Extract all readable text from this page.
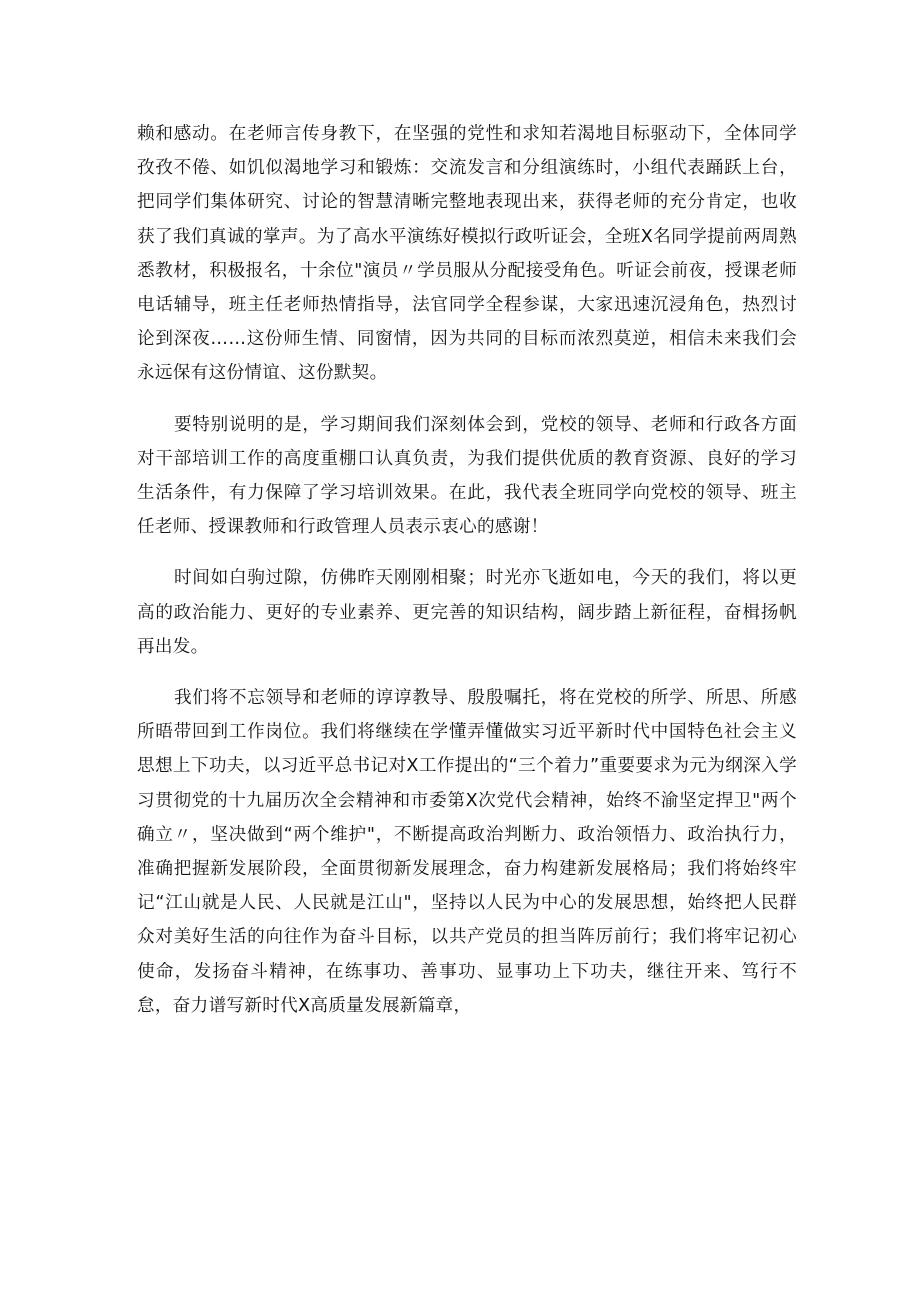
赖和感动。在老师言传身教下，在坚强的党性和求知若渴地目标驱动下，全体同学孜孜不倦、如饥似渴地学习和锻炼：交流发言和分组演练时，小组代表踊跃上台，把同学们集体研究、讨论的智慧清晰完整地表现出来，获得老师的充分肯定，也收获了我们真诚的掌声。为了高水平演练好模拟行政听证会，全班X名同学提前两周熟悉教材，积极报名，十余位"演员〃学员服从分配接受角色。听证会前夜，授课老师电话辅导，班主任老师热情指导，法官同学全程参谋，大家迅速沉浸角色，热烈讨论到深夜……这份师生情、同窗情，因为共同的目标而浓烈莫逆，相信未来我们会永远保有这份情谊、这份默契。

要特别说明的是，学习期间我们深刻体会到，党校的领导、老师和行政各方面对干部培训工作的高度重棚口认真负责，为我们提供优质的教育资源、良好的学习生活条件，有力保障了学习培训效果。在此，我代表全班同学向党校的领导、班主任老师、授课教师和行政管理人员表示衷心的感谢！

时间如白驹过隙，仿佛昨天刚刚相聚；时光亦飞逝如电，今天的我们，将以更高的政治能力、更好的专业素养、更完善的知识结构，阔步踏上新征程，奋楫扬帆再出发。

我们将不忘领导和老师的谆谆教导、殷殷嘱托，将在党校的所学、所思、所感所晤带回到工作岗位。我们将继续在学懂弄懂做实习近平新时代中国特色社会主义思想上下功夫，以习近平总书记对X工作提出的“三个着力”重要要求为元为纲深入学习贯彻党的十九届历次全会精神和市委第X次党代会精神，始终不渝坚定捍卫"两个确立〃，坚决做到“两个维护"，不断提高政治判断力、政治领悟力、政治执行力，准确把握新发展阶段，全面贯彻新发展理念，奋力构建新发展格局；我们将始终牢记“江山就是人民、人民就是江山"，坚持以人民为中心的发展思想，始终把人民群众对美好生活的向往作为奋斗目标，以共产党员的担当阵厉前行；我们将牢记初心使命，发扬奋斗精神，在练事功、善事功、显事功上下功夫，继往开来、笃行不怠，奋力谱写新时代X高质量发展新篇章，
